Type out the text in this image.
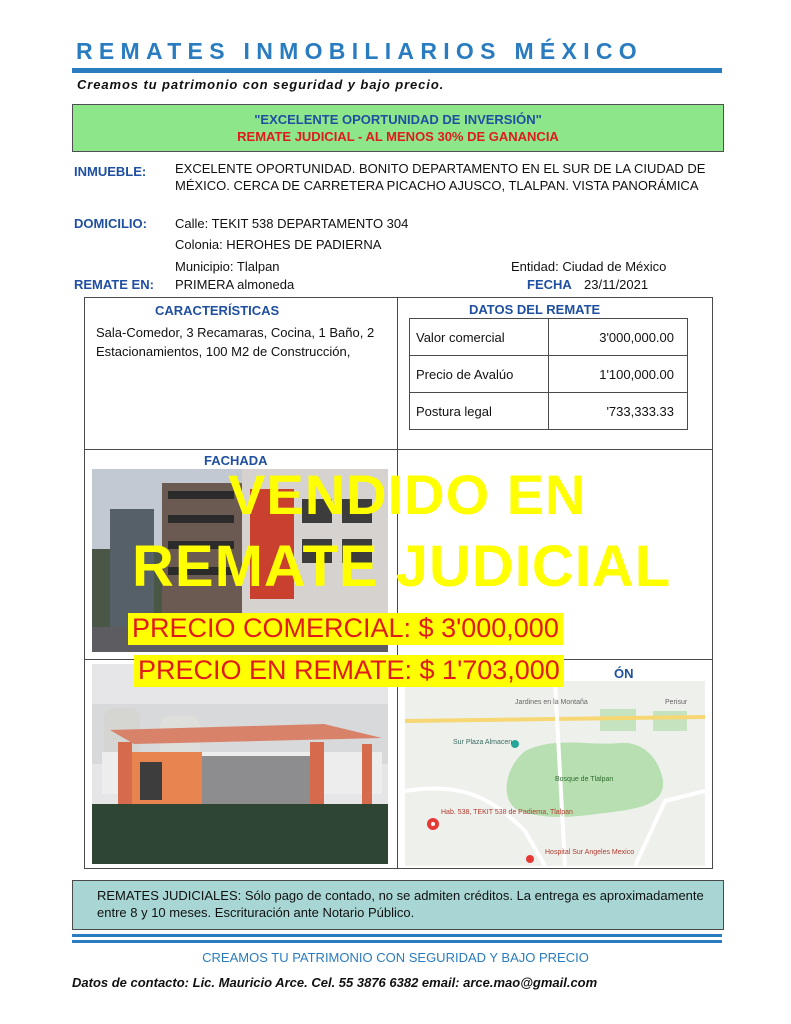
REMATES INMOBILIARIOS MÉXICO
Creamos tu patrimonio con seguridad y bajo precio.
"EXCELENTE OPORTUNIDAD DE INVERSIÓN"
REMATE JUDICIAL - AL MENOS 30% DE GANANCIA
INMUEBLE: EXCELENTE OPORTUNIDAD. BONITO DEPARTAMENTO EN EL SUR DE LA CIUDAD DE MÉXICO. CERCA DE CARRETERA PICACHO AJUSCO, TLALPAN. VISTA PANORÁMICA
DOMICILIO: Calle: TEKIT 538 DEPARTAMENTO 304
Colonia: HEROHES DE PADIERNA
Municipio: Tlalpan	Entidad: Ciudad de México
REMATE EN: PRIMERA almoneda	FECHA 23/11/2021
CARACTERÍSTICAS
Sala-Comedor, 3 Recamaras, Cocina, 1 Baño, 2 Estacionamientos, 100 M2 de Construcción,
DATOS DEL REMATE
Valor comercial	3'000,000.00
Precio de Avalúo	1'100,000.00
Postura legal	'733,333.33
FACHADA
ÓN
Hab. 538, TEKIT 538 de Padierna, Tlalpan
Sur Plaza Almacen
Bosque de Tlalpan
Hospital Sur Angeles Mexico
Jardines en la Montaña	Perisur
VENDIDO EN
REMATE JUDICIAL
PRECIO COMERCIAL: $ 3'000,000
PRECIO EN REMATE: $ 1'703,000
REMATES JUDICIALES: Sólo pago de contado, no se admiten créditos. La entrega es aproximadamente entre 8 y 10 meses. Escrituración ante Notario Público.
CREAMOS TU PATRIMONIO CON SEGURIDAD Y BAJO PRECIO
Datos de contacto: Lic. Mauricio Arce. Cel. 55 3876 6382 email: arce.mao@gmail.com
